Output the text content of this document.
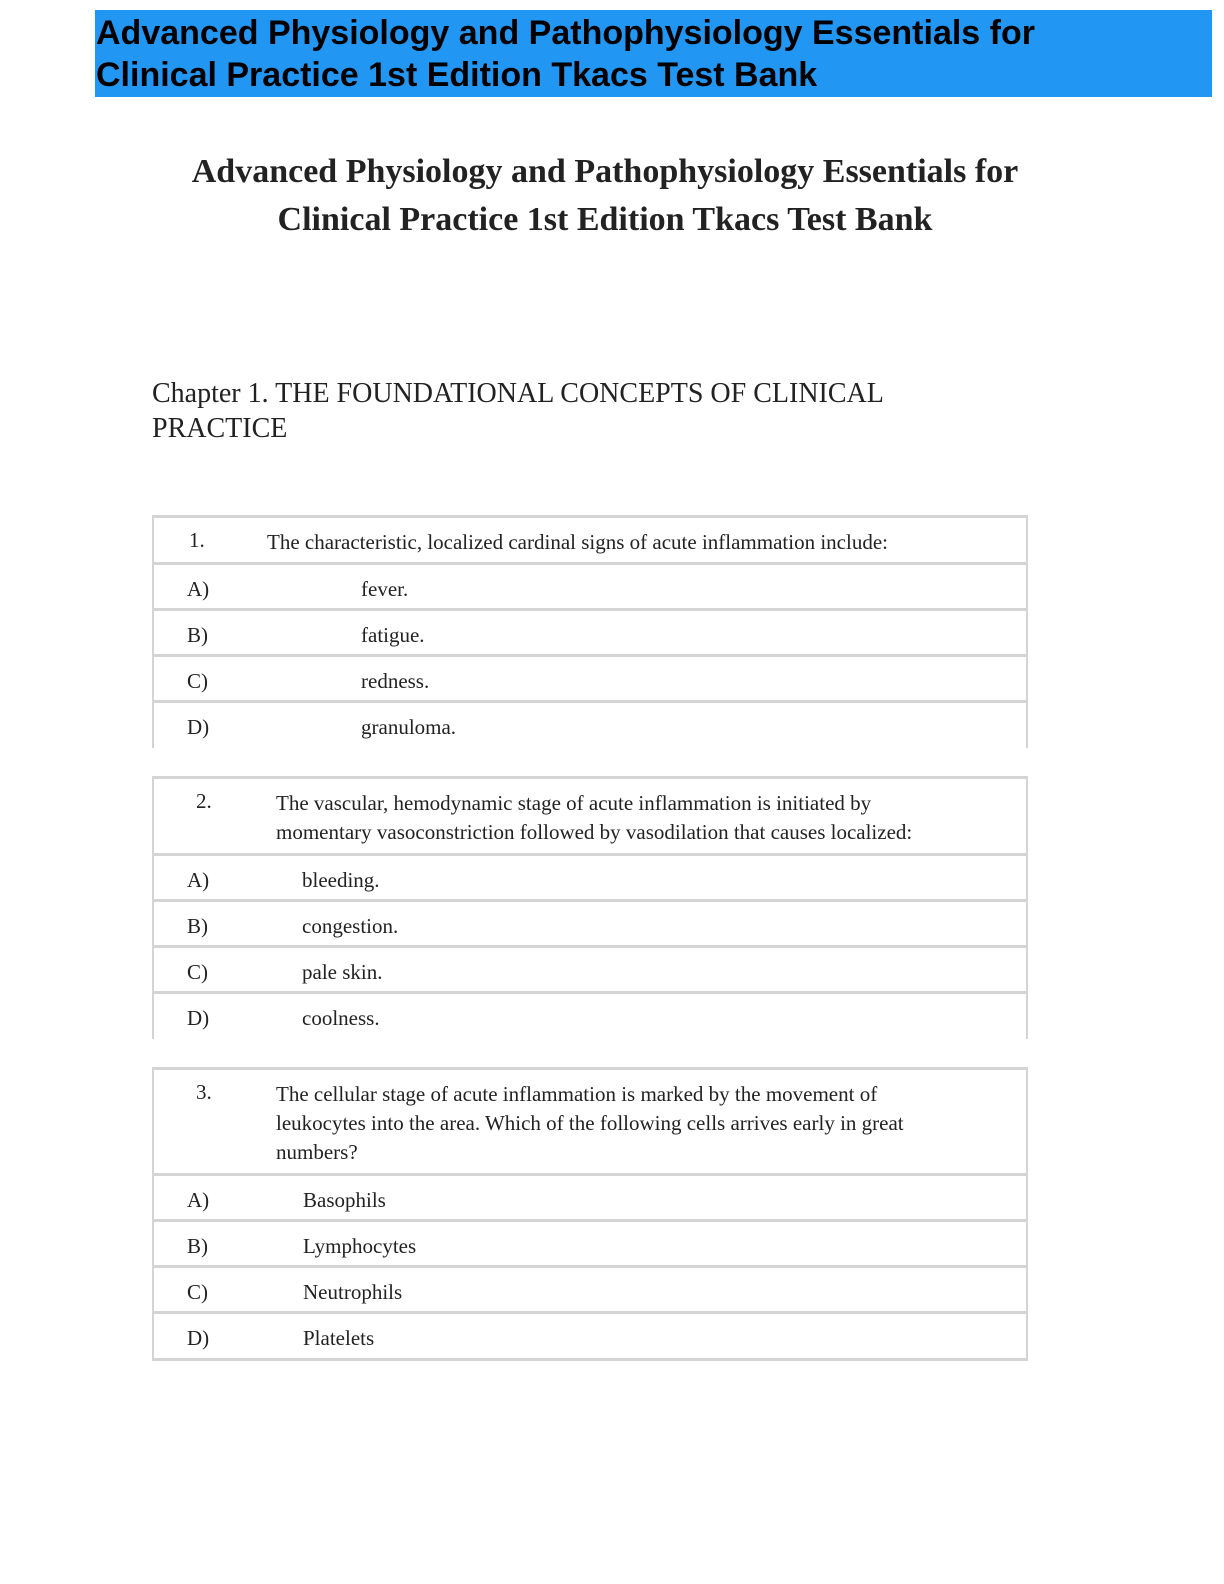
Advanced Physiology and Pathophysiology Essentials for
Clinical Practice 1st Edition Tkacs Test Bank
Advanced Physiology and Pathophysiology Essentials for
Clinical Practice 1st Edition Tkacs Test Bank
Chapter 1. THE FOUNDATIONAL CONCEPTS OF CLINICAL
PRACTICE
1.	The characteristic, localized cardinal signs of acute inflammation include:
A)	fever.
B)	fatigue.
C)	redness.
D)	granuloma.
2.	The vascular, hemodynamic stage of acute inflammation is initiated by
momentary vasoconstriction followed by vasodilation that causes localized:
A)	bleeding.
B)	congestion.
C)	pale skin.
D)	coolness.
3.	The cellular stage of acute inflammation is marked by the movement of
leukocytes into the area. Which of the following cells arrives early in great
numbers?
A)	Basophils
B)	Lymphocytes
C)	Neutrophils
D)	Platelets
